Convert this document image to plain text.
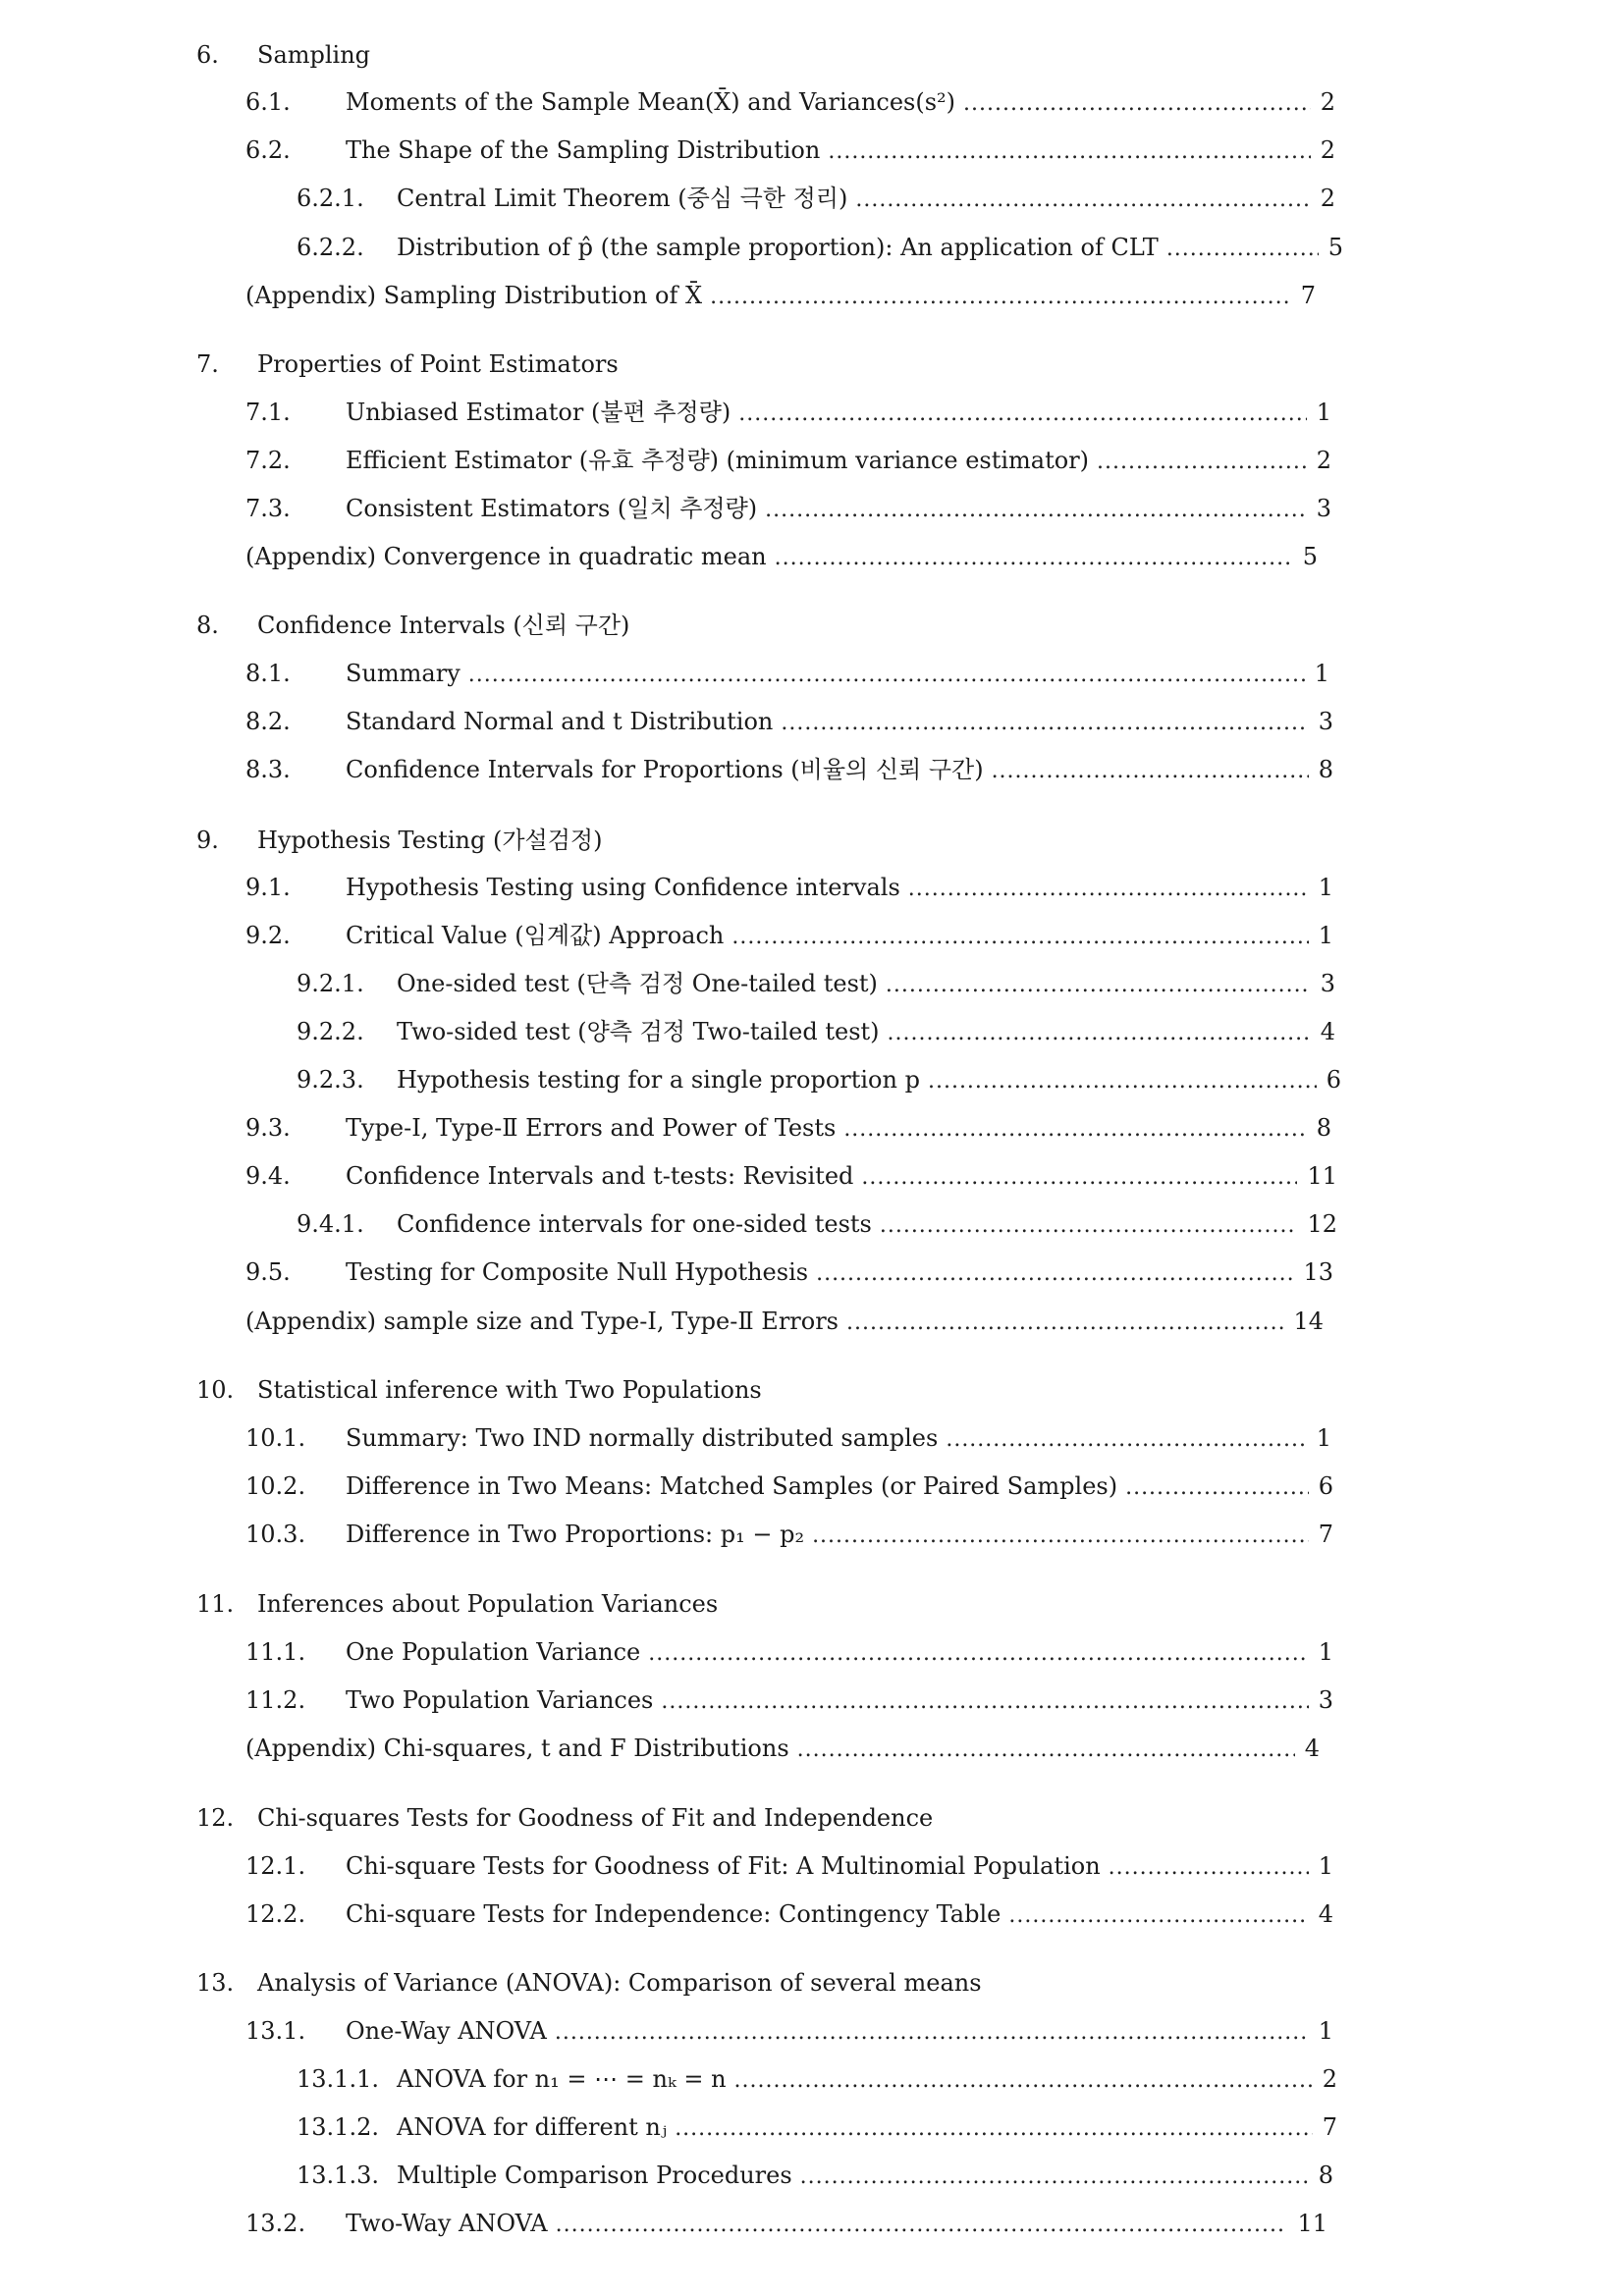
6.	Sampling
6.1.	Moments of the Sample Mean(X̄) and Variances(s²) .....	2
6.2.	The Shape of the Sampling Distribution .....	2
6.2.1.	Central Limit Theorem (중심 극한 정리) .....	2
6.2.2.	Distribution of p̂ (the sample proportion): An application of CLT .....	5
(Appendix) Sampling Distribution of X̄ .....	7
7.	Properties of Point Estimators
7.1.	Unbiased Estimator (불편 추정량) .....	1
7.2.	Efficient Estimator (유효 추정량) (minimum variance estimator) .....	2
7.3.	Consistent Estimators (일치 추정량) .....	3
(Appendix) Convergence in quadratic mean .....	5
8.	Confidence Intervals (신뢰 구간)
8.1.	Summary .....	1
8.2.	Standard Normal and t Distribution .....	3
8.3.	Confidence Intervals for Proportions (비율의 신뢰 구간) .....	8
9.	Hypothesis Testing (가설검정)
9.1.	Hypothesis Testing using Confidence intervals .....	1
9.2.	Critical Value (임계값) Approach .....	1
9.2.1.	One-sided test (단측 검정 One-tailed test) .....	3
9.2.2.	Two-sided test (양측 검정 Two-tailed test) .....	4
9.2.3.	Hypothesis testing for a single proportion p .....	6
9.3.	Type-Ⅰ, Type-Ⅱ Errors and Power of Tests .....	8
9.4.	Confidence Intervals and t-tests: Revisited .....	11
9.4.1.	Confidence intervals for one-sided tests .....	12
9.5.	Testing for Composite Null Hypothesis .....	13
(Appendix) sample size and Type-Ⅰ, Type-Ⅱ Errors .....	14
10. Statistical inference with Two Populations
10.1.	Summary: Two IND normally distributed samples .....	1
10.2.	Difference in Two Means: Matched Samples (or Paired Samples) .....	6
10.3.	Difference in Two Proportions: p₁ − p₂ .....	7
11. Inferences about Population Variances
11.1.	One Population Variance .....	1
11.2.	Two Population Variances .....	3
(Appendix) Chi-squares, t and F Distributions .....	4
12. Chi-squares Tests for Goodness of Fit and Independence
12.1.	Chi-square Tests for Goodness of Fit: A Multinomial Population .....	1
12.2.	Chi-square Tests for Independence: Contingency Table .....	4
13. Analysis of Variance (ANOVA): Comparison of several means
13.1.	One-Way ANOVA .....	1
13.1.1. ANOVA for n₁ = ⋯ = nₖ = n .....	2
13.1.2. ANOVA for different nⱼ .....	7
13.1.3. Multiple Comparison Procedures .....	8
13.2.	Two-Way ANOVA .....	11
